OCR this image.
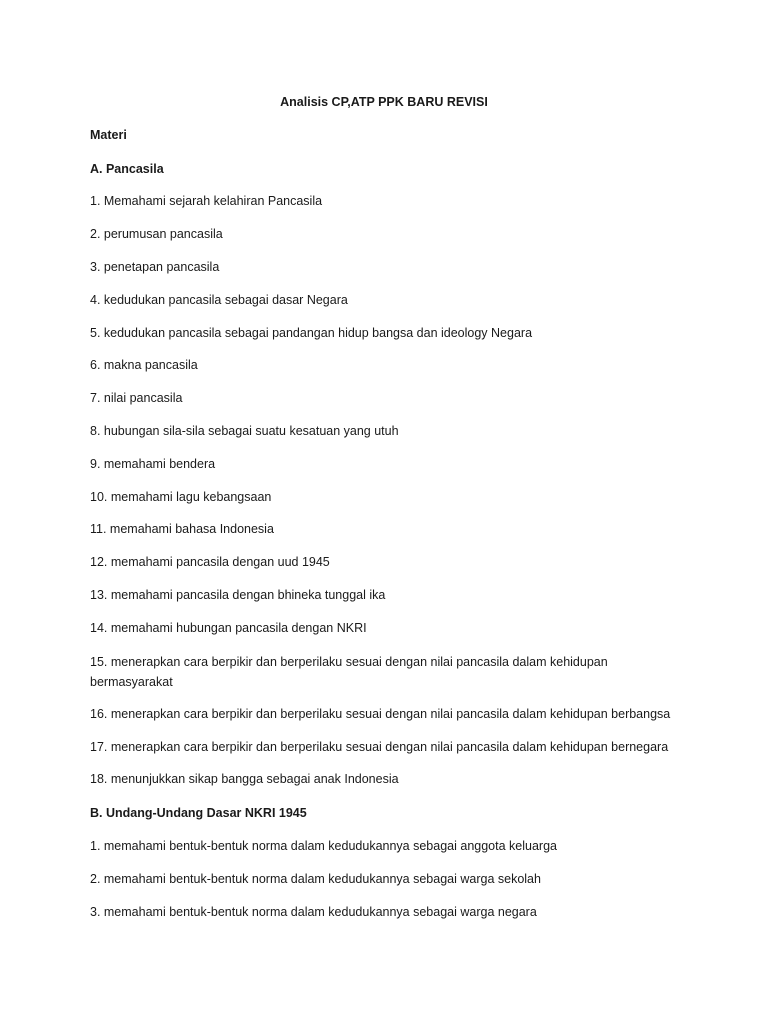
Analisis CP,ATP PPK BARU REVISI
Materi
A. Pancasila
1. Memahami sejarah kelahiran Pancasila
2. perumusan pancasila
3. penetapan pancasila
4. kedudukan pancasila sebagai dasar Negara
5. kedudukan pancasila sebagai pandangan hidup bangsa dan ideology Negara
6. makna pancasila
7. nilai pancasila
8. hubungan sila-sila sebagai suatu kesatuan yang utuh
9. memahami bendera
10. memahami lagu kebangsaan
11. memahami bahasa Indonesia
12. memahami pancasila dengan uud 1945
13. memahami pancasila dengan bhineka tunggal ika
14. memahami hubungan pancasila dengan NKRI
15. menerapkan cara berpikir dan berperilaku sesuai dengan nilai pancasila dalam kehidupan bermasyarakat
16. menerapkan cara berpikir dan berperilaku sesuai dengan nilai pancasila dalam kehidupan berbangsa
17. menerapkan cara berpikir dan berperilaku sesuai dengan nilai pancasila dalam kehidupan bernegara
18. menunjukkan sikap bangga sebagai anak Indonesia
B. Undang-Undang Dasar NKRI 1945
1. memahami bentuk-bentuk norma dalam kedudukannya sebagai anggota keluarga
2. memahami bentuk-bentuk norma dalam kedudukannya sebagai warga sekolah
3. memahami bentuk-bentuk norma dalam kedudukannya sebagai warga negara
